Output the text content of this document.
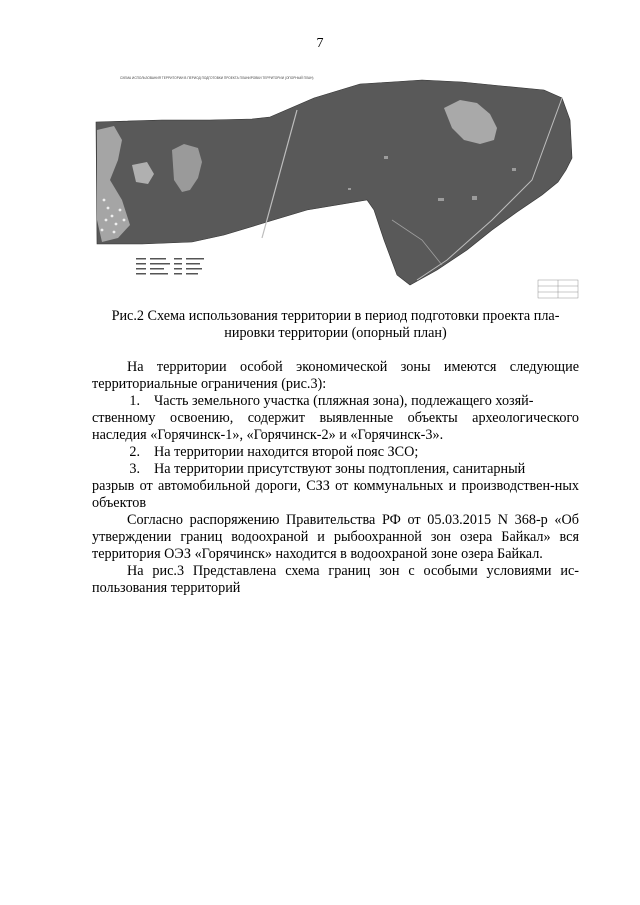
7
СХЕМА ИСПОЛЬЗОВАНИЯ ТЕРРИТОРИИ В ПЕРИОД ПОДГОТОВКИ ПРОЕКТА ПЛАНИРОВКИ ТЕРРИТОРИИ (ОПОРНЫЙ ПЛАН)
Рис.2 Схема использования территории в период подготовки проекта пла-нировки территории (опорный план)

На территории особой экономической зоны имеются следующие территориальные ограничения (рис.3):

1. Часть земельного участка (пляжная зона), подлежащего хозяй-

ственному освоению, содержит выявленные объекты археологического наследия «Горячинск-1», «Горячинск-2» и «Горячинск-3».

2. На территории находится второй пояс ЗСО;
3. На территории присутствуют зоны подтопления, санитарный

разрыв от автомобильной дороги, СЗЗ от коммунальных и производствен-ных объектов

Согласно распоряжению Правительства РФ от 05.03.2015 N 368-р «Об утверждении границ водоохраной и рыбоохранной зон озера Байкал» вся территория ОЭЗ «Горячинск» находится в водоохраной зоне озера Байкал.

На рис.3 Представлена схема границ зон с особыми условиями ис-пользования территорий
